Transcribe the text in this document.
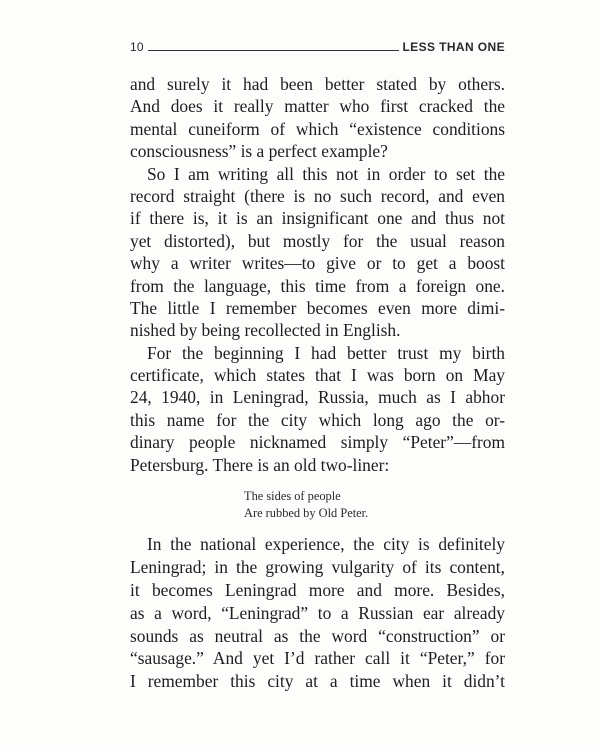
10	LESS THAN ONE
and surely it had been better stated by others.
And does it really matter who first cracked the
mental cuneiform of which “existence conditions
consciousness” is a perfect example?
So I am writing all this not in order to set the
record straight (there is no such record, and even
if there is, it is an insignificant one and thus not
yet distorted), but mostly for the usual reason
why a writer writes—to give or to get a boost
from the language, this time from a foreign one.
The little I remember becomes even more dimi-
nished by being recollected in English.
For the beginning I had better trust my birth
certificate, which states that I was born on May
24, 1940, in Leningrad, Russia, much as I abhor
this name for the city which long ago the or-
dinary people nicknamed simply “Peter”—from
Petersburg. There is an old two-liner:
The sides of people
Are rubbed by Old Peter.
In the national experience, the city is definitely
Leningrad; in the growing vulgarity of its content,
it becomes Leningrad more and more. Besides,
as a word, “Leningrad” to a Russian ear already
sounds as neutral as the word “construction” or
“sausage.” And yet I’d rather call it “Peter,” for
I remember this city at a time when it didn’t
